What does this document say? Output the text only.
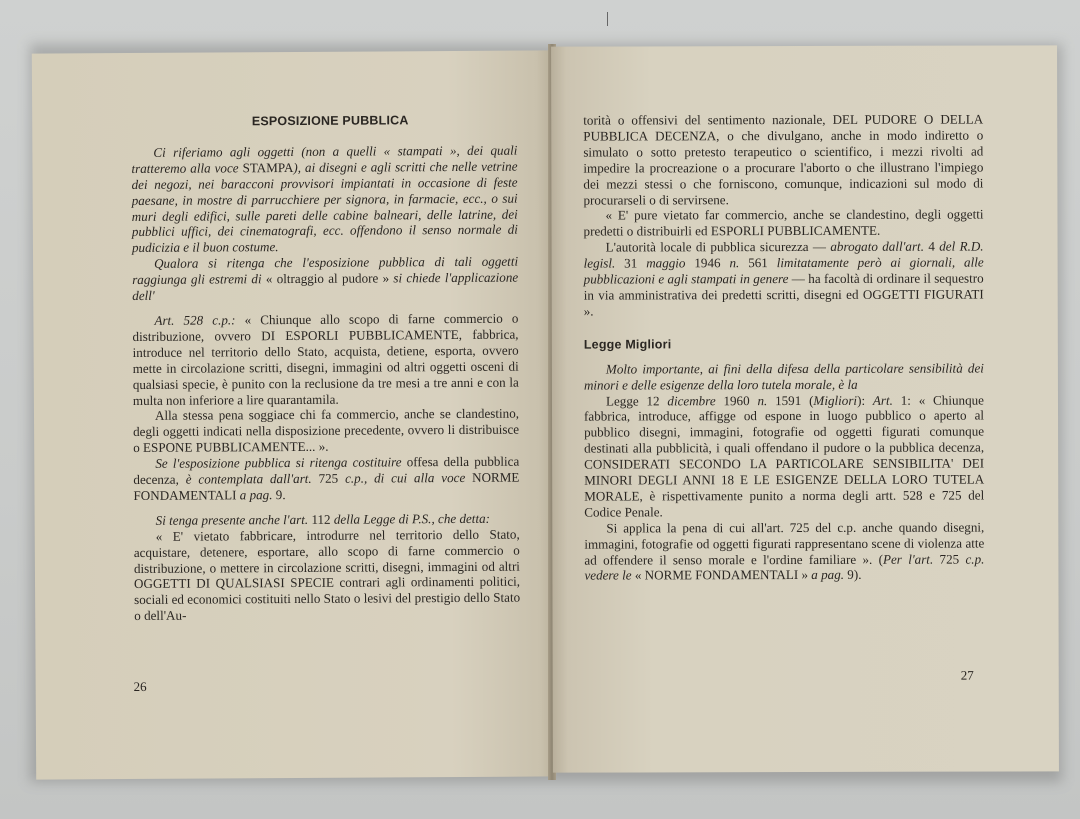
ESPOSIZIONE PUBBLICA

Ci riferiamo agli oggetti (non a quelli « stampati », dei quali tratteremo alla voce STAMPA), ai disegni e agli scritti che nelle vetrine dei negozi, nei baracconi provvisori impiantati in occasione di feste paesane, in mostre di parrucchiere per signora, in farmacie, ecc., o sui muri degli edifici, sulle pareti delle cabine balneari, delle latrine, dei pubblici uffici, dei cinematografi, ecc. offendono il senso normale di pudicizia e il buon costume.

Qualora si ritenga che l'esposizione pubblica di tali oggetti raggiunga gli estremi di « oltraggio al pudore » si chiede l'applicazione dell'

Art. 528 c.p.: « Chiunque allo scopo di farne commercio o distribuzione, ovvero DI ESPORLI PUBBLICAMENTE, fabbrica, introduce nel territorio dello Stato, acquista, detiene, esporta, ovvero mette in circolazione scritti, disegni, immagini od altri oggetti osceni di qualsiasi specie, è punito con la reclusione da tre mesi a tre anni e con la multa non inferiore a lire quarantamila.

Alla stessa pena soggiace chi fa commercio, anche se clandestino, degli oggetti indicati nella disposizione precedente, ovvero li distribuisce o ESPONE PUBBLICAMENTE... ».

Se l'esposizione pubblica si ritenga costituire offesa della pubblica decenza, è contemplata dall'art. 725 c.p., di cui alla voce NORME FONDAMENTALI a pag. 9.

Si tenga presente anche l'art. 112 della Legge di P.S., che detta:

« E' vietato fabbricare, introdurre nel territorio dello Stato, acquistare, detenere, esportare, allo scopo di farne commercio o distribuzione, o mettere in circolazione scritti, disegni, immagini od altri OGGETTI DI QUALSIASI SPECIE contrari agli ordinamenti politici, sociali ed economici costituiti nello Stato o lesivi del prestigio dello Stato o dell'Au-

26

torità o offensivi del sentimento nazionale, DEL PUDORE O DELLA PUBBLICA DECENZA, o che divulgano, anche in modo indiretto o simulato o sotto pretesto terapeutico o scientifico, i mezzi rivolti ad impedire la procreazione o a procurare l'aborto o che illustrano l'impiego dei mezzi stessi o che forniscono, comunque, indicazioni sul modo di procurarseli o di servirsene.

« E' pure vietato far commercio, anche se clandestino, degli oggetti predetti o distribuirli ed ESPORLI PUBBLICAMENTE.

L'autorità locale di pubblica sicurezza — abrogato dall'art. 4 del R.D. legisl. 31 maggio 1946 n. 561 limitatamente però ai giornali, alle pubblicazioni e agli stampati in genere — ha facoltà di ordinare il sequestro in via amministrativa dei predetti scritti, disegni ed OGGETTI FIGURATI ».

Legge Migliori

Molto importante, ai fini della difesa della particolare sensibilità dei minori e delle esigenze della loro tutela morale, è la

Legge 12 dicembre 1960 n. 1591 (Migliori): Art. 1: « Chiunque fabbrica, introduce, affigge od espone in luogo pubblico o aperto al pubblico disegni, immagini, fotografie od oggetti figurati comunque destinati alla pubblicità, i quali offendano il pudore o la pubblica decenza, CONSIDERATI SECONDO LA PARTICOLARE SENSIBILITA' DEI MINORI DEGLI ANNI 18 E LE ESIGENZE DELLA LORO TUTELA MORALE, è rispettivamente punito a norma degli artt. 528 e 725 del Codice Penale.

Si applica la pena di cui all'art. 725 del c.p. anche quando disegni, immagini, fotografie od oggetti figurati rappresentano scene di violenza atte ad offendere il senso morale e l'ordine familiare ». (Per l'art. 725 c.p. vedere le « NORME FONDAMENTALI » a pag. 9).

27
